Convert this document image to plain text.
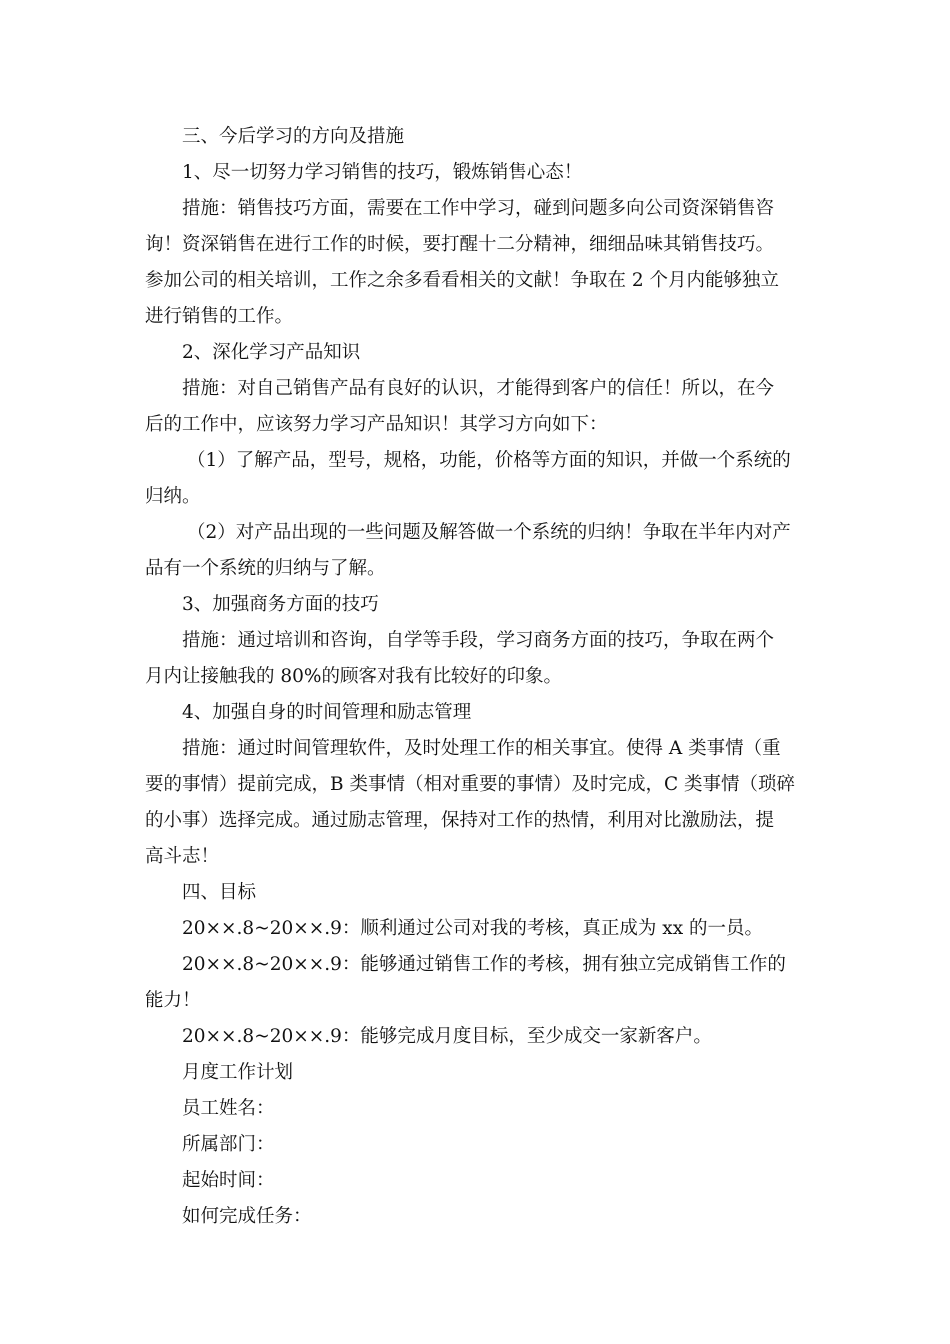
三、今后学习的方向及措施
1、尽一切努力学习销售的技巧，锻炼销售心态！
措施：销售技巧方面，需要在工作中学习，碰到问题多向公司资深销售咨
询！资深销售在进行工作的时候，要打醒十二分精神，细细品味其销售技巧。
参加公司的相关培训，工作之余多看看相关的文献！争取在 2 个月内能够独立
进行销售的工作。
2、深化学习产品知识
措施：对自己销售产品有良好的认识，才能得到客户的信任！所以，在今
后的工作中，应该努力学习产品知识！其学习方向如下：
（1）了解产品，型号，规格，功能，价格等方面的知识，并做一个系统的
归纳。
（2）对产品出现的一些问题及解答做一个系统的归纳！争取在半年内对产
品有一个系统的归纳与了解。
3、加强商务方面的技巧
措施：通过培训和咨询，自学等手段，学习商务方面的技巧，争取在两个
月内让接触我的 80%的顾客对我有比较好的印象。
4、加强自身的时间管理和励志管理
措施：通过时间管理软件，及时处理工作的相关事宜。使得 A 类事情（重
要的事情）提前完成，B 类事情（相对重要的事情）及时完成，C 类事情（琐碎
的小事）选择完成。通过励志管理，保持对工作的热情，利用对比激励法，提
高斗志！
四、目标
20××.8~20××.9：顺利通过公司对我的考核，真正成为 xx 的一员。
20××.8~20××.9：能够通过销售工作的考核，拥有独立完成销售工作的
能力！
20××.8~20××.9：能够完成月度目标，至少成交一家新客户。
月度工作计划
员工姓名：
所属部门：
起始时间：
如何完成任务：
